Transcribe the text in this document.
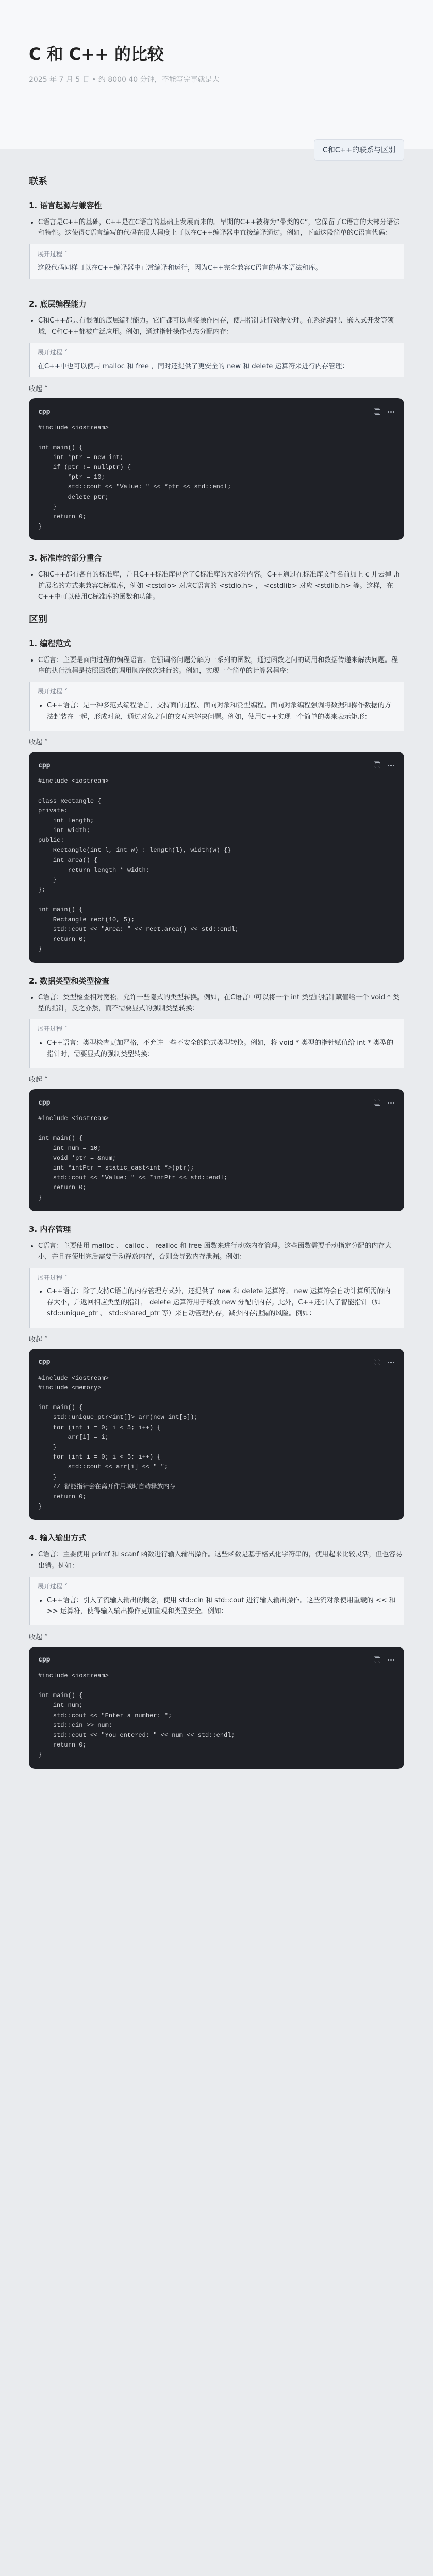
C 和 C++ 的比较
2025 年 7 月 5 日 • 约 8000 40 分钟，不能写完事就是大
C和C++的联系与区别
联系
1. 语言起源与兼容性
• C语言是C++的基础，C++是在C语言的基础上发展而来的。早期的C++被称为“带类的C”，它保留了C语言的大部分语法和特性。这使得C语言编写的代码在很大程度上可以在C++编译器中直接编译通过。例如，下面这段简单的C语言代码：
展开过程 ˅
这段代码同样可以在C++编译器中正常编译和运行，因为C++完全兼容C语言的基本语法和库。
2. 底层编程能力
• C和C++都具有很强的底层编程能力。它们都可以直接操作内存，使用指针进行数据处理。在系统编程、嵌入式开发等领域，C和C++都被广泛应用。例如，通过指针操作动态分配内存：
展开过程 ˅
在C++中也可以使用 malloc 和 free ，同时还提供了更安全的 new 和 delete 运算符来进行内存管理：
收起 ˄
cpp
#include <iostream>

int main() {
int *ptr = new int;
if (ptr != nullptr) {
*ptr = 10;
std::cout << "Value: " << *ptr << std::endl;
delete ptr;
}
return 0;
}
3. 标准库的部分重合
• C和C++都有各自的标准库，并且C++标准库包含了C标准库的大部分内容。C++通过在标准库文件名前加上 c 并去掉 .h 扩展名的方式来兼容C标准库，例如 <cstdio> 对应C语言的 <stdio.h> ， <cstdlib> 对应 <stdlib.h> 等。这样，在C++中可以使用C标准库的函数和功能。
区别
1. 编程范式
• C语言：主要是面向过程的编程语言。它强调将问题分解为一系列的函数，通过函数之间的调用和数据传递来解决问题。程序的执行流程是按照函数的调用顺序依次进行的。例如，实现一个简单的计算器程序：
展开过程 ˅
• C++语言：是一种多范式编程语言，支持面向过程、面向对象和泛型编程。面向对象编程强调将数据和操作数据的方法封装在一起，形成对象，通过对象之间的交互来解决问题。例如，使用C++实现一个简单的类来表示矩形：
收起 ˄
cpp
#include <iostream>

class Rectangle {
private:
int length;
int width;
public:
Rectangle(int l, int w) : length(l), width(w) {}
int area() {
return length * width;
}
};

int main() {
Rectangle rect(10, 5);
std::cout << "Area: " << rect.area() << std::endl;
return 0;
}
2. 数据类型和类型检查
• C语言：类型检查相对宽松，允许一些隐式的类型转换。例如，在C语言中可以将一个 int 类型的指针赋值给一个 void * 类型的指针，反之亦然，而不需要显式的强制类型转换：
展开过程 ˅
• C++语言：类型检查更加严格，不允许一些不安全的隐式类型转换。例如，将 void * 类型的指针赋值给 int * 类型的指针时，需要显式的强制类型转换：
收起 ˄
cpp
#include <iostream>

int main() {
int num = 10;
void *ptr = &num;
int *intPtr = static_cast<int *>(ptr);
std::cout << "Value: " << *intPtr << std::endl;
return 0;
}
3. 内存管理
• C语言：主要使用 malloc 、 calloc 、 realloc 和 free 函数来进行动态内存管理。这些函数需要手动指定分配的内存大小，并且在使用完后需要手动释放内存，否则会导致内存泄漏。例如：
展开过程 ˅
• C++语言：除了支持C语言的内存管理方式外，还提供了 new 和 delete 运算符。 new 运算符会自动计算所需的内存大小，并返回相应类型的指针， delete 运算符用于释放 new 分配的内存。此外，C++还引入了智能指针（如 std::unique_ptr 、 std::shared_ptr 等）来自动管理内存，减少内存泄漏的风险。例如：
收起 ˄
cpp
#include <iostream>
#include <memory>

int main() {
std::unique_ptr<int[]> arr(new int[5]);
for (int i = 0; i < 5; i++) {
arr[i] = i;
}
for (int i = 0; i < 5; i++) {
std::cout << arr[i] << " ";
}
// 智能指针会在离开作用域时自动释放内存
return 0;
}
4. 输入输出方式
• C语言：主要使用 printf 和 scanf 函数进行输入输出操作。这些函数是基于格式化字符串的，使用起来比较灵活，但也容易出错。例如：
展开过程 ˅
• C++语言：引入了流输入输出的概念，使用 std::cin 和 std::cout 进行输入输出操作。这些流对象使用重载的 << 和 >> 运算符，使得输入输出操作更加直观和类型安全。例如：
收起 ˄
cpp
#include <iostream>

int main() {
int num;
std::cout << "Enter a number: ";
std::cin >> num;
std::cout << "You entered: " << num << std::endl;
return 0;
}
